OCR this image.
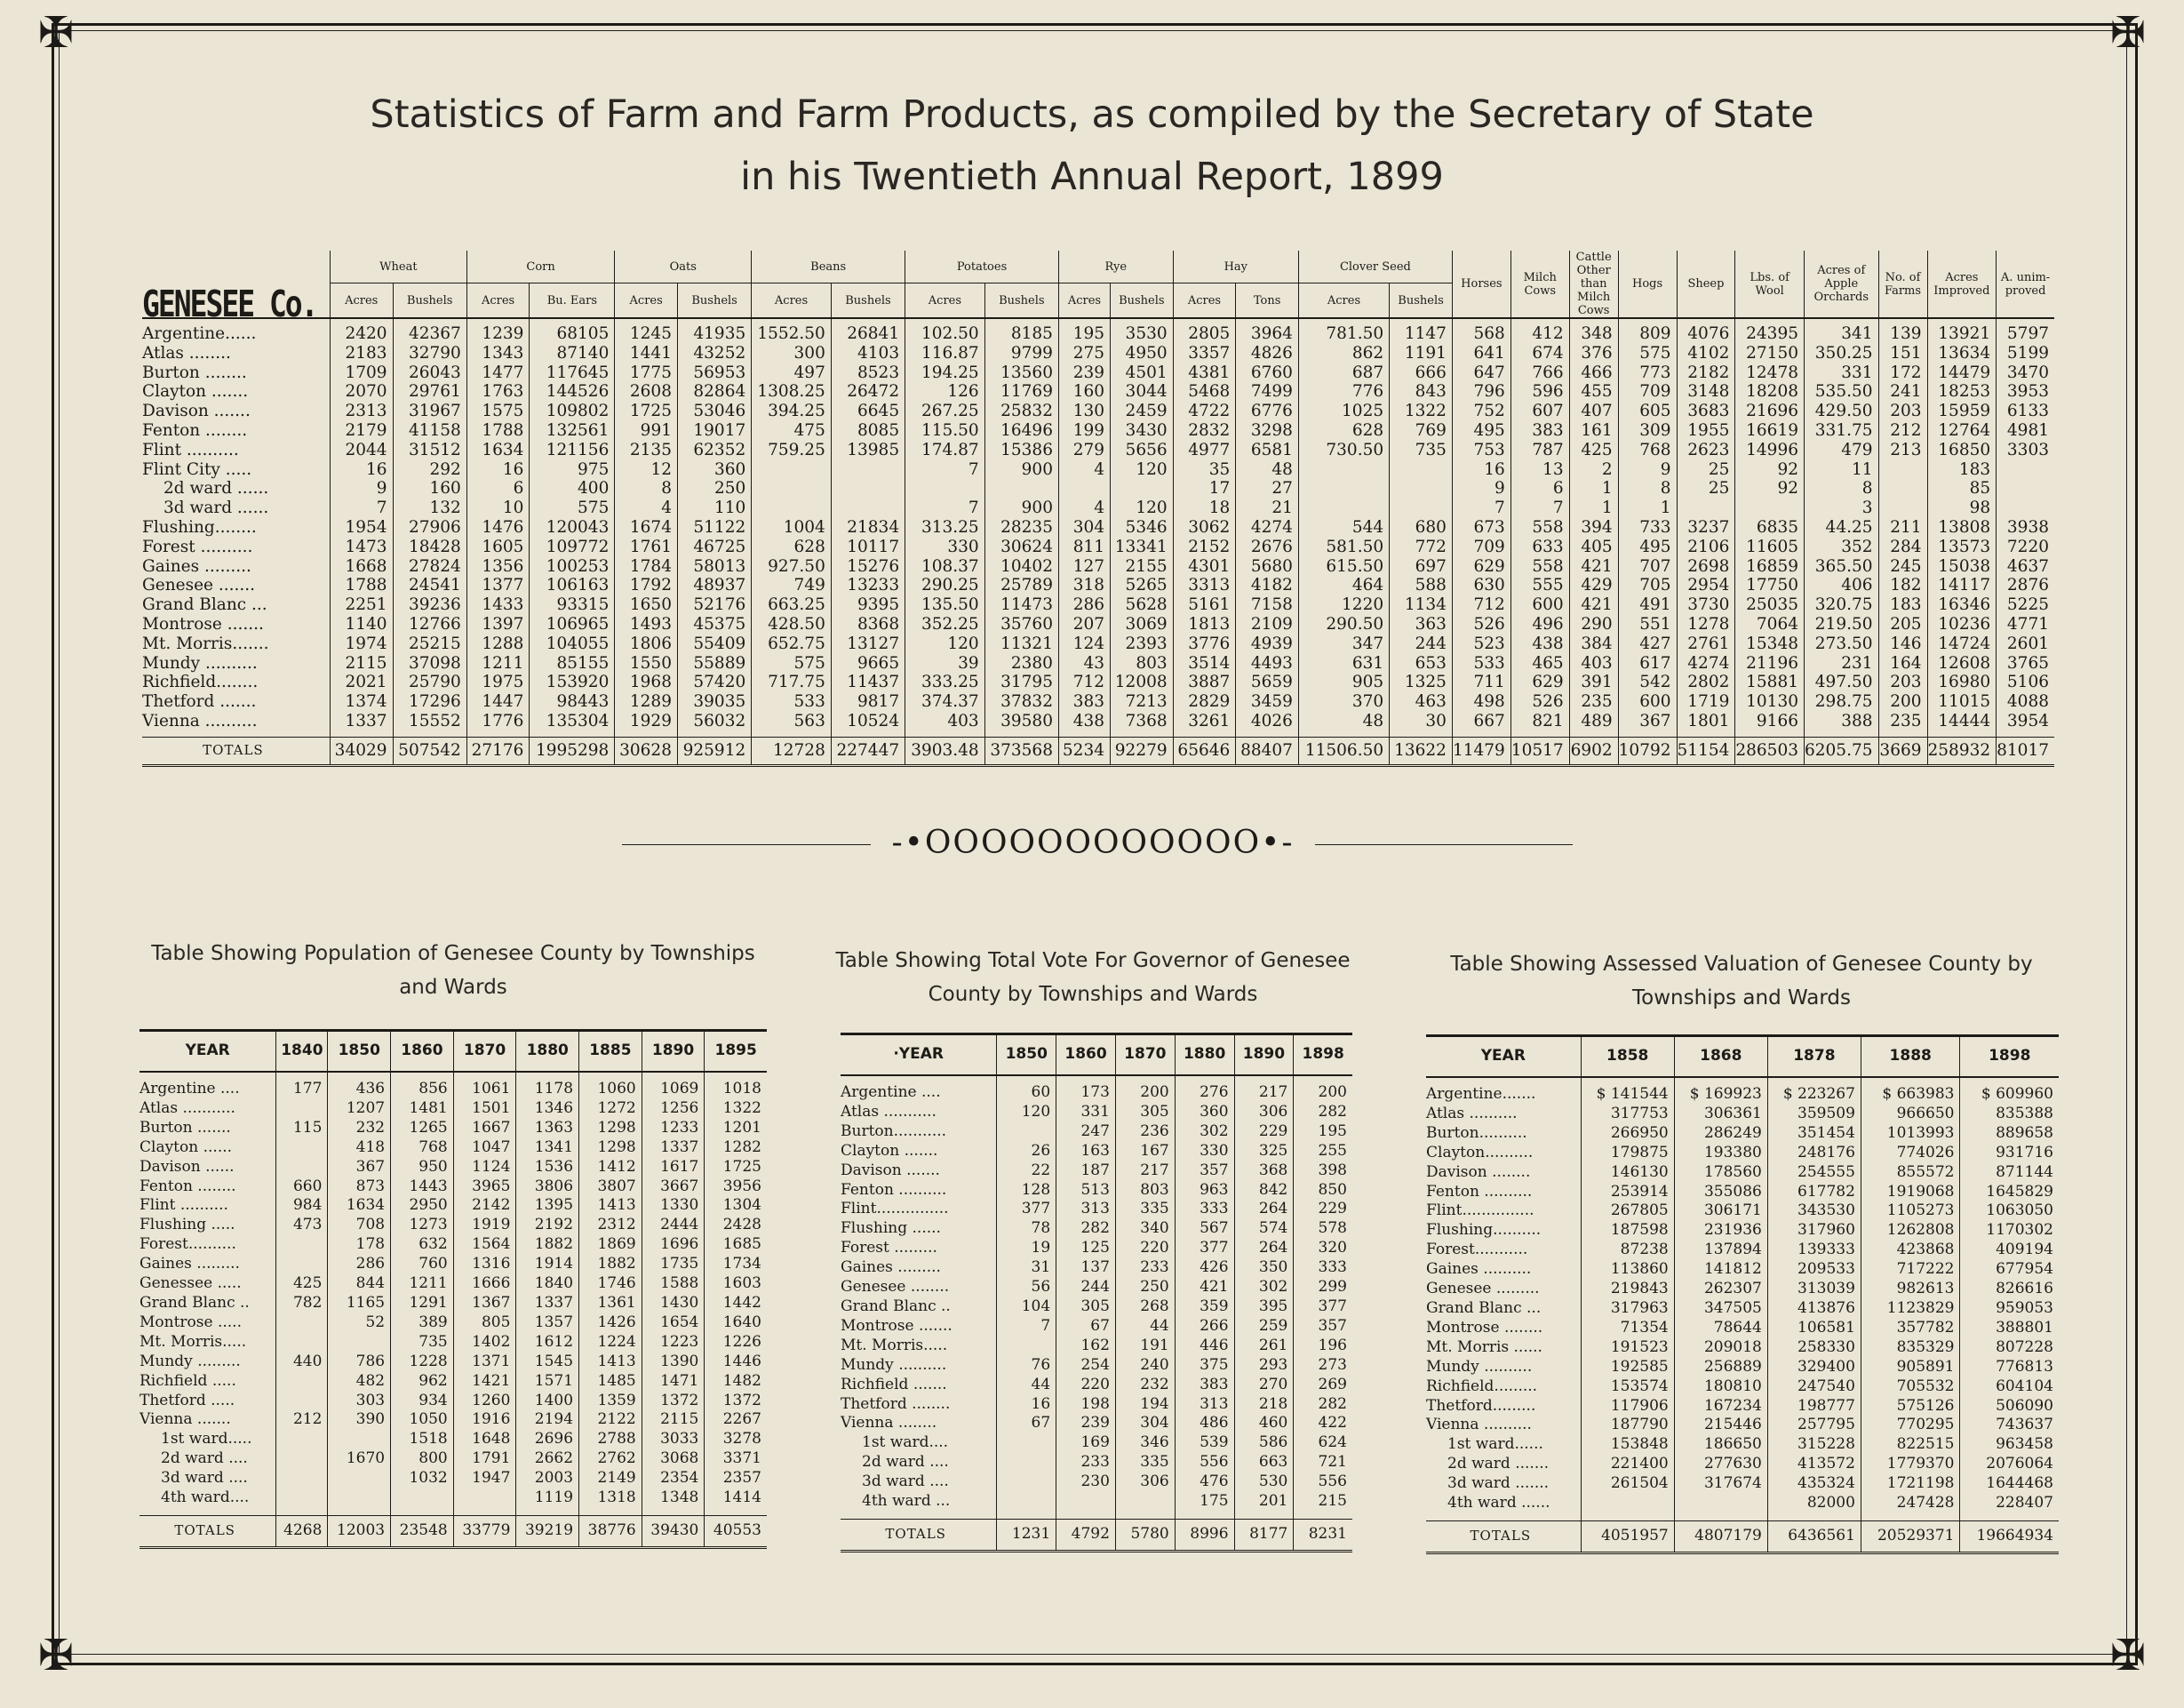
✠	✠
✠	✠
Statistics of Farm and Farm Products, as compiled by the Secretary of State
in his Twentieth Annual Report, 1899
GENESEE Co.	Wheat		Corn		Oats		Beans		Potatoes		Rye		Hay		Clover Seed		Horses	Milch Cows	Cattle Other than Milch Cows	Hogs	Sheep	Lbs. of Wool	Acres of Apple Orchards	No. of Farms	Acres Improved	A. unim- proved
	Acres	Bushels	Acres	Bu. Ears	Acres	Bushels	Acres	Bushels	Acres	Bushels	Acres	Bushels	Acres	Tons	Acres	Bushels										
Argentine......	2420	42367	1239	68105	1245	41935	1552.50	26841	102.50	8185	195	3530	2805	3964	781.50	1147	568	412	348	809	4076	24395	341	139	13921	5797
Atlas ........	2183	32790	1343	87140	1441	43252	300	4103	116.87	9799	275	4950	3357	4826	862	1191	641	674	376	575	4102	27150	350.25	151	13634	5199
Burton ........	1709	26043	1477	117645	1775	56953	497	8523	194.25	13560	239	4501	4381	6760	687	666	647	766	466	773	2182	12478	331	172	14479	3470
Clayton .......	2070	29761	1763	144526	2608	82864	1308.25	26472	126	11769	160	3044	5468	7499	776	843	796	596	455	709	3148	18208	535.50	241	18253	3953
Davison .......	2313	31967	1575	109802	1725	53046	394.25	6645	267.25	25832	130	2459	4722	6776	1025	1322	752	607	407	605	3683	21696	429.50	203	15959	6133
Fenton ........	2179	41158	1788	132561	991	19017	475	8085	115.50	16496	199	3430	2832	3298	628	769	495	383	161	309	1955	16619	331.75	212	12764	4981
Flint ..........	2044	31512	1634	121156	2135	62352	759.25	13985	174.87	15386	279	5656	4977	6581	730.50	735	753	787	425	768	2623	14996	479	213	16850	3303
Flint City .....	16	292	16	975	12	360			7	900	4	120	35	48			16	13	2	9	25	92	11		183	
2d ward ......	9	160	6	400	8	250							17	27			9	6	1	8	25	92	8		85	
3d ward ......	7	132	10	575	4	110			7	900	4	120	18	21			7	7	1	1			3		98	
Flushing........	1954	27906	1476	120043	1674	51122	1004	21834	313.25	28235	304	5346	3062	4274	544	680	673	558	394	733	3237	6835	44.25	211	13808	3938
Forest ..........	1473	18428	1605	109772	1761	46725	628	10117	330	30624	811	13341	2152	2676	581.50	772	709	633	405	495	2106	11605	352	284	13573	7220
Gaines .........	1668	27824	1356	100253	1784	58013	927.50	15276	108.37	10402	127	2155	4301	5680	615.50	697	629	558	421	707	2698	16859	365.50	245	15038	4637
Genesee .......	1788	24541	1377	106163	1792	48937	749	13233	290.25	25789	318	5265	3313	4182	464	588	630	555	429	705	2954	17750	406	182	14117	2876
Grand Blanc ...	2251	39236	1433	93315	1650	52176	663.25	9395	135.50	11473	286	5628	5161	7158	1220	1134	712	600	421	491	3730	25035	320.75	183	16346	5225
Montrose .......	1140	12766	1397	106965	1493	45375	428.50	8368	352.25	35760	207	3069	1813	2109	290.50	363	526	496	290	551	1278	7064	219.50	205	10236	4771
Mt. Morris.......	1974	25215	1288	104055	1806	55409	652.75	13127	120	11321	124	2393	3776	4939	347	244	523	438	384	427	2761	15348	273.50	146	14724	2601
Mundy ..........	2115	37098	1211	85155	1550	55889	575	9665	39	2380	43	803	3514	4493	631	653	533	465	403	617	4274	21196	231	164	12608	3765
Richfield........	2021	25790	1975	153920	1968	57420	717.75	11437	333.25	31795	712	12008	3887	5659	905	1325	711	629	391	542	2802	15881	497.50	203	16980	5106
Thetford .......	1374	17296	1447	98443	1289	39035	533	9817	374.37	37832	383	7213	2829	3459	370	463	498	526	235	600	1719	10130	298.75	200	11015	4088
Vienna ..........	1337	15552	1776	135304	1929	56032	563	10524	403	39580	438	7368	3261	4026	48	30	667	821	489	367	1801	9166	388	235	14444	3954
TOTALS	34029	507542	27176	1995298	30628	925912	12728	227447	3903.48	373568	5234	92279	65646	88407	11506.50	13622	11479	10517	6902	10792	51154	286503	6205.75	3669	258932	81017
-•OOOOOOOOOOOO•-
Table Showing Population of Genesee County by Townships and Wards
YEAR	1840	1850	1860	1870	1880	1885	1890	1895
Argentine ....	177	436	856	1061	1178	1060	1069	1018
Atlas ...........		1207	1481	1501	1346	1272	1256	1322
Burton .......	115	232	1265	1667	1363	1298	1233	1201
Clayton ......		418	768	1047	1341	1298	1337	1282
Davison ......		367	950	1124	1536	1412	1617	1725
Fenton ........	660	873	1443	3965	3806	3807	3667	3956
Flint ..........	984	1634	2950	2142	1395	1413	1330	1304
Flushing .....	473	708	1273	1919	2192	2312	2444	2428
Forest..........		178	632	1564	1882	1869	1696	1685
Gaines .........		286	760	1316	1914	1882	1735	1734
Genessee .....	425	844	1211	1666	1840	1746	1588	1603
Grand Blanc ..	782	1165	1291	1367	1337	1361	1430	1442
Montrose .....		52	389	805	1357	1426	1654	1640
Mt. Morris.....			735	1402	1612	1224	1223	1226
Mundy .........	440	786	1228	1371	1545	1413	1390	1446
Richfield .....		482	962	1421	1571	1485	1471	1482
Thetford .....		303	934	1260	1400	1359	1372	1372
Vienna .......	212	390	1050	1916	2194	2122	2115	2267
1st ward.....			1518	1648	2696	2788	3033	3278
2d ward ....		1670	800	1791	2662	2762	3068	3371
3d ward ....			1032	1947	2003	2149	2354	2357
4th ward....					1119	1318	1348	1414
TOTALS	4268	12003	23548	33779	39219	38776	39430	40553
Table Showing Total Vote For Governor of Genesee County by Townships and Wards
·YEAR	1850	1860	1870	1880	1890	1898
Argentine ....	60	173	200	276	217	200
Atlas ...........	120	331	305	360	306	282
Burton...........		247	236	302	229	195
Clayton .......	26	163	167	330	325	255
Davison .......	22	187	217	357	368	398
Fenton ..........	128	513	803	963	842	850
Flint...............	377	313	335	333	264	229
Flushing ......	78	282	340	567	574	578
Forest .........	19	125	220	377	264	320
Gaines .........	31	137	233	426	350	333
Genesee ........	56	244	250	421	302	299
Grand Blanc ..	104	305	268	359	395	377
Montrose .......	7	67	44	266	259	357
Mt. Morris.....		162	191	446	261	196
Mundy ..........	76	254	240	375	293	273
Richfield .......	44	220	232	383	270	269
Thetford ........	16	198	194	313	218	282
Vienna ........	67	239	304	486	460	422
1st ward....		169	346	539	586	624
2d ward ....		233	335	556	663	721
3d ward ....		230	306	476	530	556
4th ward ...				175	201	215
TOTALS	1231	4792	5780	8996	8177	8231
Table Showing Assessed Valuation of Genesee County by Townships and Wards
YEAR	1858	1868	1878	1888	1898
Argentine.......	$ 141544	$ 169923	$ 223267	$ 663983	$ 609960
Atlas ..........	317753	306361	359509	966650	835388
Burton..........	266950	286249	351454	1013993	889658
Clayton..........	179875	193380	248176	774026	931716
Davison ........	146130	178560	254555	855572	871144
Fenton ..........	253914	355086	617782	1919068	1645829
Flint...............	267805	306171	343530	1105273	1063050
Flushing..........	187598	231936	317960	1262808	1170302
Forest...........	87238	137894	139333	423868	409194
Gaines ..........	113860	141812	209533	717222	677954
Genesee .........	219843	262307	313039	982613	826616
Grand Blanc ...	317963	347505	413876	1123829	959053
Montrose ........	71354	78644	106581	357782	388801
Mt. Morris ......	191523	209018	258330	835329	807228
Mundy ..........	192585	256889	329400	905891	776813
Richfield.........	153574	180810	247540	705532	604104
Thetford.........	117906	167234	198777	575126	506090
Vienna ..........	187790	215446	257795	770295	743637
1st ward......	153848	186650	315228	822515	963458
2d ward .......	221400	277630	413572	1779370	2076064
3d ward .......	261504	317674	435324	1721198	1644468
4th ward ......			82000	247428	228407
TOTALS	4051957	4807179	6436561	20529371	19664934
